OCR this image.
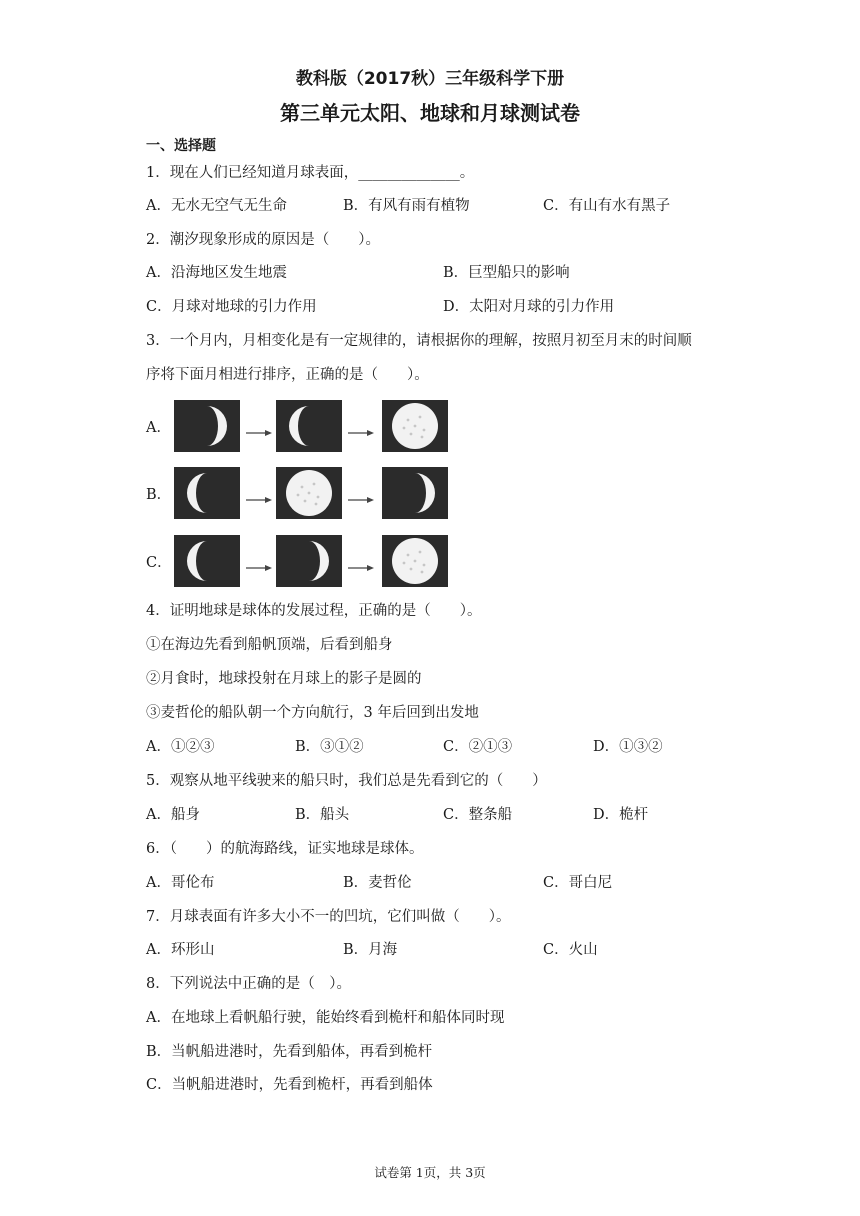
教科版（2017秋）三年级科学下册
第三单元太阳、地球和月球测试卷
一、选择题
1．现在人们已经知道月球表面，______________。
A．无水无空气无生命	B．有风有雨有植物	C．有山有水有黑子
2．潮汐现象形成的原因是（　　）。
A．沿海地区发生地震	B．巨型船只的影响
C．月球对地球的引力作用	D．太阳对月球的引力作用
3．一个月内，月相变化是有一定规律的，请根据你的理解，按照月初至月末的时间顺
序将下面月相进行排序，正确的是（　　）。
A．
B．
C．
4．证明地球是球体的发展过程，正确的是（　　）。
①在海边先看到船帆顶端，后看到船身
②月食时，地球投射在月球上的影子是圆的
③麦哲伦的船队朝一个方向航行，3 年后回到出发地
A．①②③	B．③①②	C．②①③	D．①③②
5．观察从地平线驶来的船只时，我们总是先看到它的（　　）
A．船身	B．船头	C．整条船	D．桅杆
6．（　　）的航海路线，证实地球是球体。
A．哥伦布	B．麦哲伦	C．哥白尼
7．月球表面有许多大小不一的凹坑，它们叫做（　　）。
A．环形山	B．月海	C．火山
8．下列说法中正确的是（　）。
A．在地球上看帆船行驶，能始终看到桅杆和船体同时现
B．当帆船进港时，先看到船体，再看到桅杆
C．当帆船进港时，先看到桅杆，再看到船体
试卷第 1页，共 3页
